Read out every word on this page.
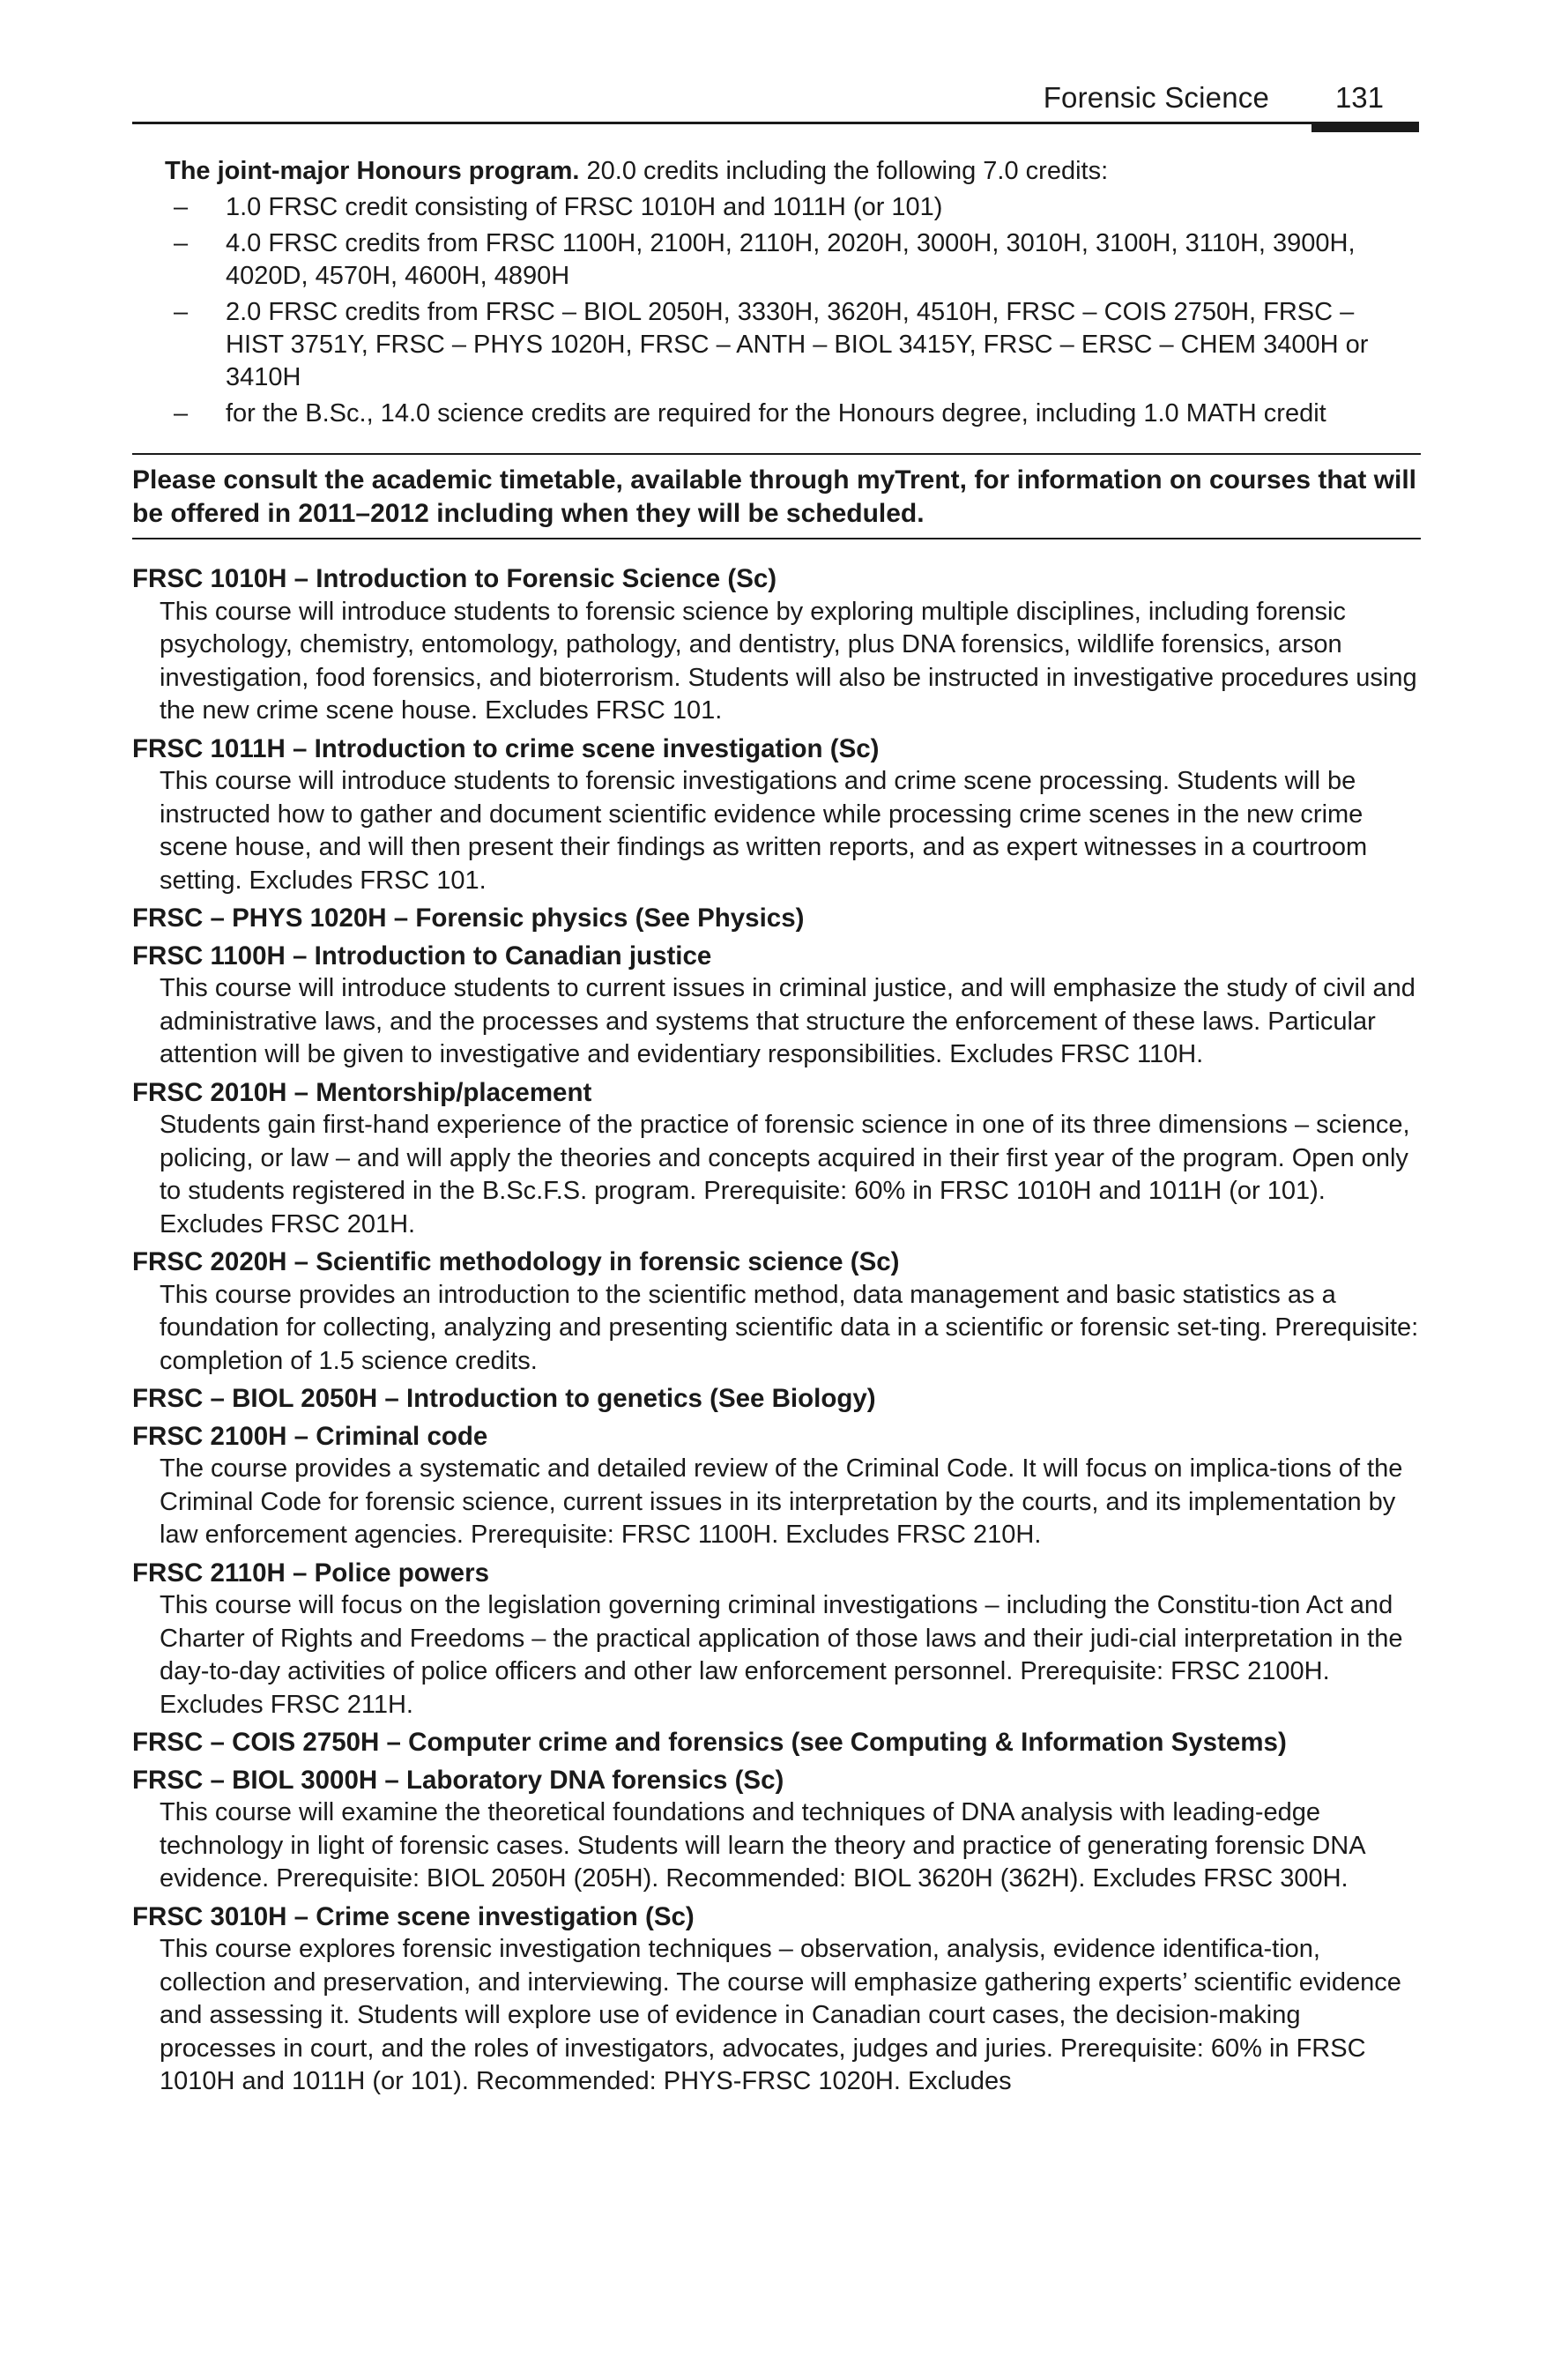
Forensic Science 131
The joint-major Honours program. 20.0 credits including the following 7.0 credits:
– 1.0 FRSC credit consisting of FRSC 1010H and 1011H (or 101)
– 4.0 FRSC credits from FRSC 1100H, 2100H, 2110H, 2020H, 3000H, 3010H, 3100H, 3110H, 3900H, 4020D, 4570H, 4600H, 4890H
– 2.0 FRSC credits from FRSC – BIOL 2050H, 3330H, 3620H, 4510H, FRSC – COIS 2750H, FRSC – HIST 3751Y, FRSC – PHYS 1020H, FRSC – ANTH – BIOL 3415Y, FRSC – ERSC – CHEM 3400H or 3410H
– for the B.Sc., 14.0 science credits are required for the Honours degree, including 1.0 MATH credit
Please consult the academic timetable, available through myTrent, for information on courses that will be offered in 2011–2012 including when they will be scheduled.
FRSC 1010H – Introduction to Forensic Science (Sc)
This course will introduce students to forensic science by exploring multiple disciplines, including forensic psychology, chemistry, entomology, pathology, and dentistry, plus DNA forensics, wildlife forensics, arson investigation, food forensics, and bioterrorism. Students will also be instructed in investigative procedures using the new crime scene house. Excludes FRSC 101.
FRSC 1011H – Introduction to crime scene investigation (Sc)
This course will introduce students to forensic investigations and crime scene processing. Students will be instructed how to gather and document scientific evidence while processing crime scenes in the new crime scene house, and will then present their findings as written reports, and as expert witnesses in a courtroom setting. Excludes FRSC 101.
FRSC – PHYS 1020H – Forensic physics (See Physics)
FRSC 1100H – Introduction to Canadian justice
This course will introduce students to current issues in criminal justice, and will emphasize the study of civil and administrative laws, and the processes and systems that structure the enforcement of these laws. Particular attention will be given to investigative and evidentiary responsibilities. Excludes FRSC 110H.
FRSC 2010H – Mentorship/placement
Students gain first-hand experience of the practice of forensic science in one of its three dimensions – science, policing, or law – and will apply the theories and concepts acquired in their first year of the program. Open only to students registered in the B.Sc.F.S. program. Prerequisite: 60% in FRSC 1010H and 1011H (or 101). Excludes FRSC 201H.
FRSC 2020H – Scientific methodology in forensic science (Sc)
This course provides an introduction to the scientific method, data management and basic statistics as a foundation for collecting, analyzing and presenting scientific data in a scientific or forensic set-ting. Prerequisite: completion of 1.5 science credits.
FRSC – BIOL 2050H – Introduction to genetics (See Biology)
FRSC 2100H – Criminal code
The course provides a systematic and detailed review of the Criminal Code. It will focus on implica-tions of the Criminal Code for forensic science, current issues in its interpretation by the courts, and its implementation by law enforcement agencies. Prerequisite: FRSC 1100H. Excludes FRSC 210H.
FRSC 2110H – Police powers
This course will focus on the legislation governing criminal investigations – including the Constitu-tion Act and Charter of Rights and Freedoms – the practical application of those laws and their judi-cial interpretation in the day-to-day activities of police officers and other law enforcement personnel. Prerequisite: FRSC 2100H. Excludes FRSC 211H.
FRSC – COIS 2750H – Computer crime and forensics (see Computing & Information Systems)
FRSC – BIOL 3000H – Laboratory DNA forensics (Sc)
This course will examine the theoretical foundations and techniques of DNA analysis with leading-edge technology in light of forensic cases. Students will learn the theory and practice of generating forensic DNA evidence. Prerequisite: BIOL 2050H (205H). Recommended: BIOL 3620H (362H). Excludes FRSC 300H.
FRSC 3010H – Crime scene investigation (Sc)
This course explores forensic investigation techniques – observation, analysis, evidence identifica-tion, collection and preservation, and interviewing. The course will emphasize gathering experts’ scientific evidence and assessing it. Students will explore use of evidence in Canadian court cases, the decision-making processes in court, and the roles of investigators, advocates, judges and juries. Prerequisite: 60% in FRSC 1010H and 1011H (or 101). Recommended: PHYS-FRSC 1020H. Excludes
